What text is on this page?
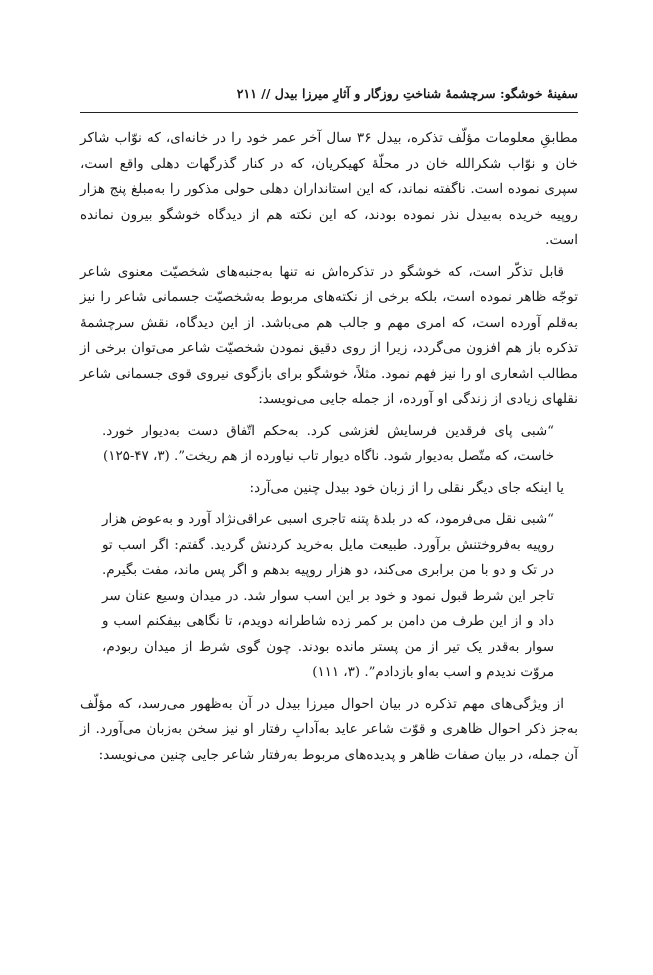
سفینهٔ خوشگو: سرچشمهٔ شناختِ روزگار و آثارِ میرزا بیدل // ۲۱۱

مطابقِ معلومات مؤلّف تذکره، بیدل ۳۶ سال آخر عمر خود را در خانه‌ای، که نوّاب شاکر خان و نوّاب شکرالله خان در محلّهٔ کهیکریان، که در کنار گذرگهات دهلی واقع است، سپری نموده است. ناگفته نماند، که این استانداران دهلی حولی مذکور را به‌مبلغ پنج هزار روپیه خریده به‌بیدل نذر نموده بودند، که این نکته هم از دیدگاه خوشگو بیرون نمانده است.

قابل تذکّر است، که خوشگو در تذکره‌اش نه تنها به‌جنبه‌های شخصیّت معنوی شاعر توجّه ظاهر نموده است، بلکه برخی از نکته‌های مربوط به‌شخصیّت جسمانی شاعر را نیز به‌قلم آورده است، که امری مهم و جالب هم می‌باشد. از این دیدگاه، نقش سرچشمهٔ تذکره باز هم افزون می‌گردد، زیرا از روی دقیق نمودن شخصیّت شاعر می‌توان برخی از مطالب اشعاری او را نیز فهم نمود. مثلاً، خوشگو برای بازگوی نیروی قوی جسمانی شاعر نقلهای زیادی از زندگی او آورده، از جمله جایی می‌نویسد:

“شبی پای فرقدین فرسایش لغزشی کرد. به‌حکم اتّفاق دست به‌دیوار خورد. خاست، که متّصل به‌دیوار شود. ناگاه دیوار تاب نیاورده از هم ریخت”. (۳، ۴۷-۱۲۵)

یا اینکه جای دیگر نقلی را از زبان خود بیدل چنین می‌آرد:

“شبی نقل می‌فرمود، که در بلدهٔ پتنه تاجری اسبی عراقی‌نژاد آورد و به‌عوض هزار روپیه به‌فروختنش برآورد. طبیعت مایل به‌خرید کردنش گردید. گفتم: اگر اسب تو در تک و دو با من برابری می‌کند، دو هزار روپیه بدهم و اگر پس ماند، مفت بگیرم. تاجر این شرط قبول نمود و خود بر این اسب سوار شد. در میدان وسیع عنان سر داد و از این طرف من دامن بر کمر زده شاطرانه دویدم، تا نگاهی بیفکنم اسب و سوار به‌قدر یک تیر از من پستر مانده بودند. چون گوی شرط از میدان ربودم، مروّت ندیدم و اسب به‌او بازدادم”. (۳، ۱۱۱)

از ویژگی‌های مهم تذکره در بیان احوال میرزا بیدل در آن به‌ظهور می‌رسد، که مؤلّف به‌جز ذکر احوال ظاهری و قوّت شاعر عاید به‌آدابِ رفتار او نیز سخن به‌زبان می‌آورد. از آن جمله، در بیان صفات ظاهر و پدیده‌های مربوط به‌رفتار شاعر جایی چنین می‌نویسد:
